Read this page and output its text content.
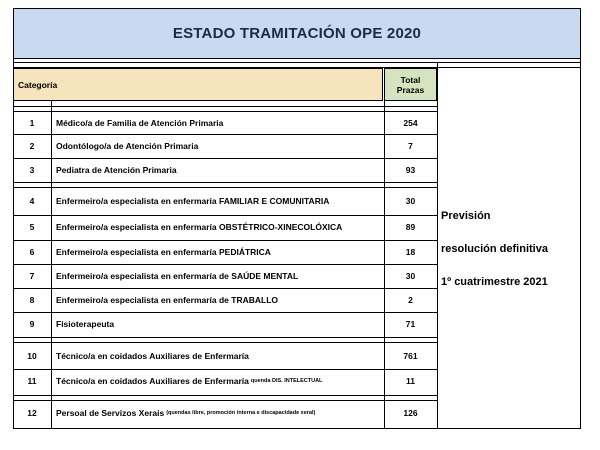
ESTADO TRAMITACIÓN OPE 2020
Categoría	Total
Prazas
1	Médico/a de Familia de Atención Primaria	254
2	Odontólogo/a de Atención Primaria	7
3	Pediatra de Atención Primaria	93
4	Enfermeiro/a especialista en enfermaría FAMILIAR E COMUNITARIA	30
5	Enfermeiro/a especialista en enfermaría OBSTÉTRICO-XINECOLÓXICA	89
6	Enfermeiro/a especialista en enfermaría PEDIÁTRICA	18
7	Enfermeiro/a especialista en enfermaría de SAÚDE MENTAL	30
8	Enfermeiro/a especialista en enfermaría de TRABALLO	2
9	Fisioterapeuta	71
10	Técnico/a en coidados Auxiliares de Enfermaría	761
11	Técnico/a en coidados Auxiliares de Enfermaría quenda DIS. INTELECTUAL	11
12	Persoal de Servizos Xerais (quendas libre, promoción interna e discapacidade xeral)	126
Previsión
resolución definitiva
1º cuatrimestre 2021
